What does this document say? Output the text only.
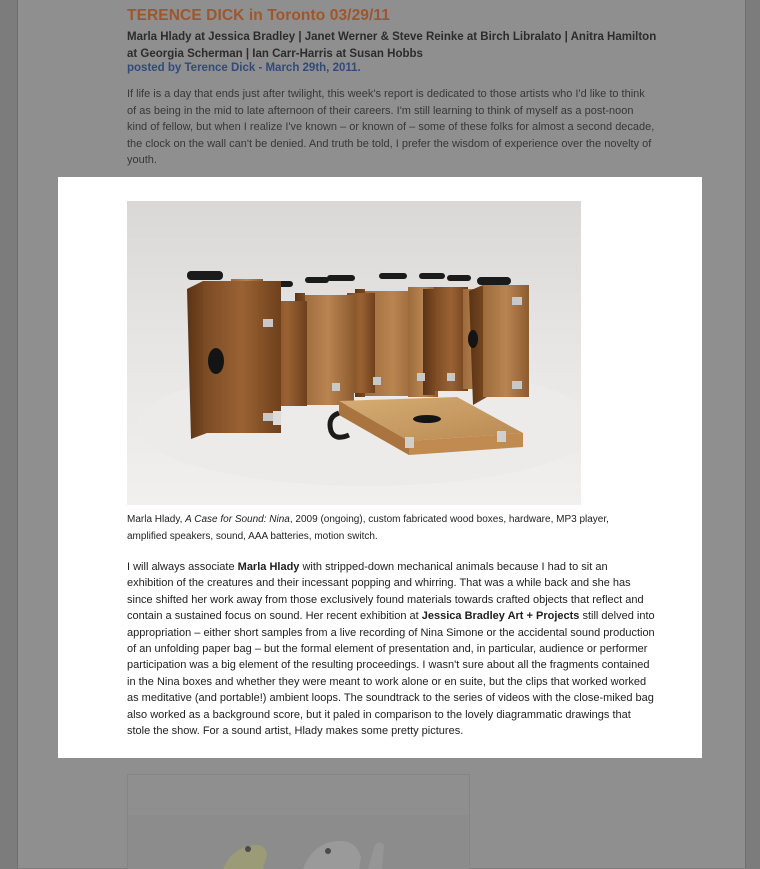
TERENCE DICK in Toronto 03/29/11
Marla Hlady at Jessica Bradley | Janet Werner & Steve Reinke at Birch Libralato | Anitra Hamilton at Georgia Scherman | Ian Carr-Harris at Susan Hobbs
posted by Terence Dick - March 29th, 2011.

If life is a day that ends just after twilight, this week's report is dedicated to those artists who I'd like to think of as being in the mid to late afternoon of their careers. I'm still learning to think of myself as a post-noon kind of fellow, but when I realize I've known – or known of – some of these folks for almost a second decade, the clock on the wall can't be denied. And truth be told, I prefer the wisdom of experience over the novelty of youth.

Marla Hlady, A Case for Sound: Nina, 2009 (ongoing), custom fabricated wood boxes, hardware, MP3 player, amplified speakers, sound, AAA batteries, motion switch.

I will always associate Marla Hlady with stripped-down mechanical animals because I had to sit an exhibition of the creatures and their incessant popping and whirring. That was a while back and she has since shifted her work away from those exclusively found materials towards crafted objects that reflect and contain a sustained focus on sound. Her recent exhibition at Jessica Bradley Art + Projects still delved into appropriation – either short samples from a live recording of Nina Simone or the accidental sound production of an unfolding paper bag – but the formal element of presentation and, in particular, audience or performer participation was a big element of the resulting proceedings. I wasn't sure about all the fragments contained in the Nina boxes and whether they were meant to work alone or en suite, but the clips that worked worked as meditative (and portable!) ambient loops. The soundtrack to the series of videos with the close-miked bag also worked as a background score, but it paled in comparison to the lovely diagrammatic drawings that stole the show. For a sound artist, Hlady makes some pretty pictures.
